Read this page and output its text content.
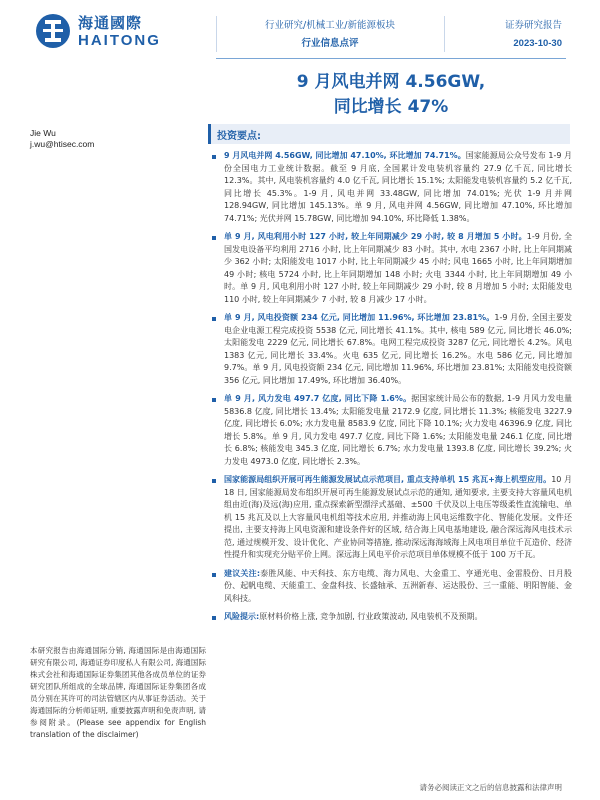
海通國際
HAITONG
行业研究/机械工业/新能源板块
行业信息点评
证券研究报告
2023-10-30
9 月风电并网 4.56GW,
同比增长 47%
Jie Wu
j.wu@htisec.com
本研究报告由海通国际分销, 海通国际是由海通国际研究有限公司, 海通证券印度私人有限公司, 海通国际株式会社和海通国际证券集团其他各成员单位的证券研究团队所组成的全球品牌, 海通国际证券集团各成员分别在其许可的司法管辖区内从事证券活动。关于海通国际的分析师证明, 重要披露声明和免责声明, 请参阅附录。(Please see appendix for English translation of the disclaimer)
投资要点:
9 月风电并网 4.56GW, 同比增加 47.10%, 环比增加 74.71%。国家能源局公众号发布 1-9 月份全国电力工业统计数据。截至 9 月底, 全国累计发电装机容量约 27.9 亿千瓦, 同比增长 12.3%。其中, 风电装机容量约 4.0 亿千瓦, 同比增长 15.1%; 太阳能发电装机容量约 5.2 亿千瓦, 同比增长 45.3%。1-9 月, 风电并网 33.48GW, 同比增加 74.01%; 光伏 1-9 月并网 128.94GW, 同比增加 145.13%。单 9 月, 风电并网 4.56GW, 同比增加 47.10%, 环比增加 74.71%; 光伏并网 15.78GW, 同比增加 94.10%, 环比降低 1.38%。
单 9 月, 风电利用小时 127 小时, 较上年同期减少 29 小时, 较 8 月增加 5 小时。1-9 月份, 全国发电设备平均利用 2716 小时, 比上年同期减少 83 小时。其中, 水电 2367 小时, 比上年同期减少 362 小时; 太阳能发电 1017 小时, 比上年同期减少 45 小时; 风电 1665 小时, 比上年同期增加 49 小时; 核电 5724 小时, 比上年同期增加 148 小时; 火电 3344 小时, 比上年同期增加 49 小时。单 9 月, 风电利用小时 127 小时, 较上年同期减少 29 小时, 较 8 月增加 5 小时; 太阳能发电 110 小时, 较上年同期减少 7 小时, 较 8 月减少 17 小时。
单 9 月, 风电投资额 234 亿元, 同比增加 11.96%, 环比增加 23.81%。1-9 月份, 全国主要发电企业电源工程完成投资 5538 亿元, 同比增长 41.1%。其中, 核电 589 亿元, 同比增长 46.0%; 太阳能发电 2229 亿元, 同比增长 67.8%。电网工程完成投资 3287 亿元, 同比增长 4.2%。风电 1383 亿元, 同比增长 33.4%。火电 635 亿元, 同比增长 16.2%。水电 586 亿元, 同比增加 9.7%。单 9 月, 风电投资额 234 亿元, 同比增加 11.96%, 环比增加 23.81%; 太阳能发电投资额 356 亿元, 同比增加 17.49%, 环比增加 36.40%。
单 9 月, 风力发电 497.7 亿度, 同比下降 1.6%。据国家统计局公布的数据, 1-9 月风力发电量 5836.8 亿度, 同比增长 13.4%; 太阳能发电量 2172.9 亿度, 同比增长 11.3%; 核能发电 3227.9 亿度, 同比增长 6.0%; 水力发电量 8583.9 亿度, 同比下降 10.1%; 火力发电 46396.9 亿度, 同比增长 5.8%。单 9 月, 风力发电 497.7 亿度, 同比下降 1.6%; 太阳能发电量 246.1 亿度, 同比增长 6.8%; 核能发电 345.3 亿度, 同比增长 6.7%; 水力发电量 1393.8 亿度, 同比增长 39.2%; 火力发电 4973.0 亿度, 同比增长 2.3%。
国家能源局组织开展可再生能源发展试点示范项目, 重点支持单机 15 兆瓦+海上机型应用。10 月 18 日, 国家能源局发布组织开展可再生能源发展试点示范的通知, 通知要求, 主要支持大容量风电机组由近(海)及远(海)应用, 重点探索新型漂浮式基础、±500 千伏及以上电压等级柔性直流输电、单机 15 兆瓦及以上大容量风电机组等技术应用, 并推动海上风电运维数字化、智能化发展。文件还提出, 主要支持海上风电资源和建设条件好的区域, 结合海上风电基地建设, 融合深远海风电技术示范, 通过规模开发、设计优化、产业协同等措施, 推动深远海海域海上风电项目单位千瓦造价、经济性提升和实现充分贴平价上网。深远海上风电平价示范项目单体规模不低于 100 万千瓦。
建议关注:泰胜风能、中天科技、东方电缆、海力风电、大金重工、亨通光电、金雷股份、日月股份、起帆电缆、天能重工、金盘科技、长盛轴承、五洲新春、运达股份、三一重能、明阳智能、金风科技。
风险提示:原材料价格上涨, 竞争加剧, 行业政策波动, 风电装机不及预期。
请务必阅读正文之后的信息披露和法律声明
